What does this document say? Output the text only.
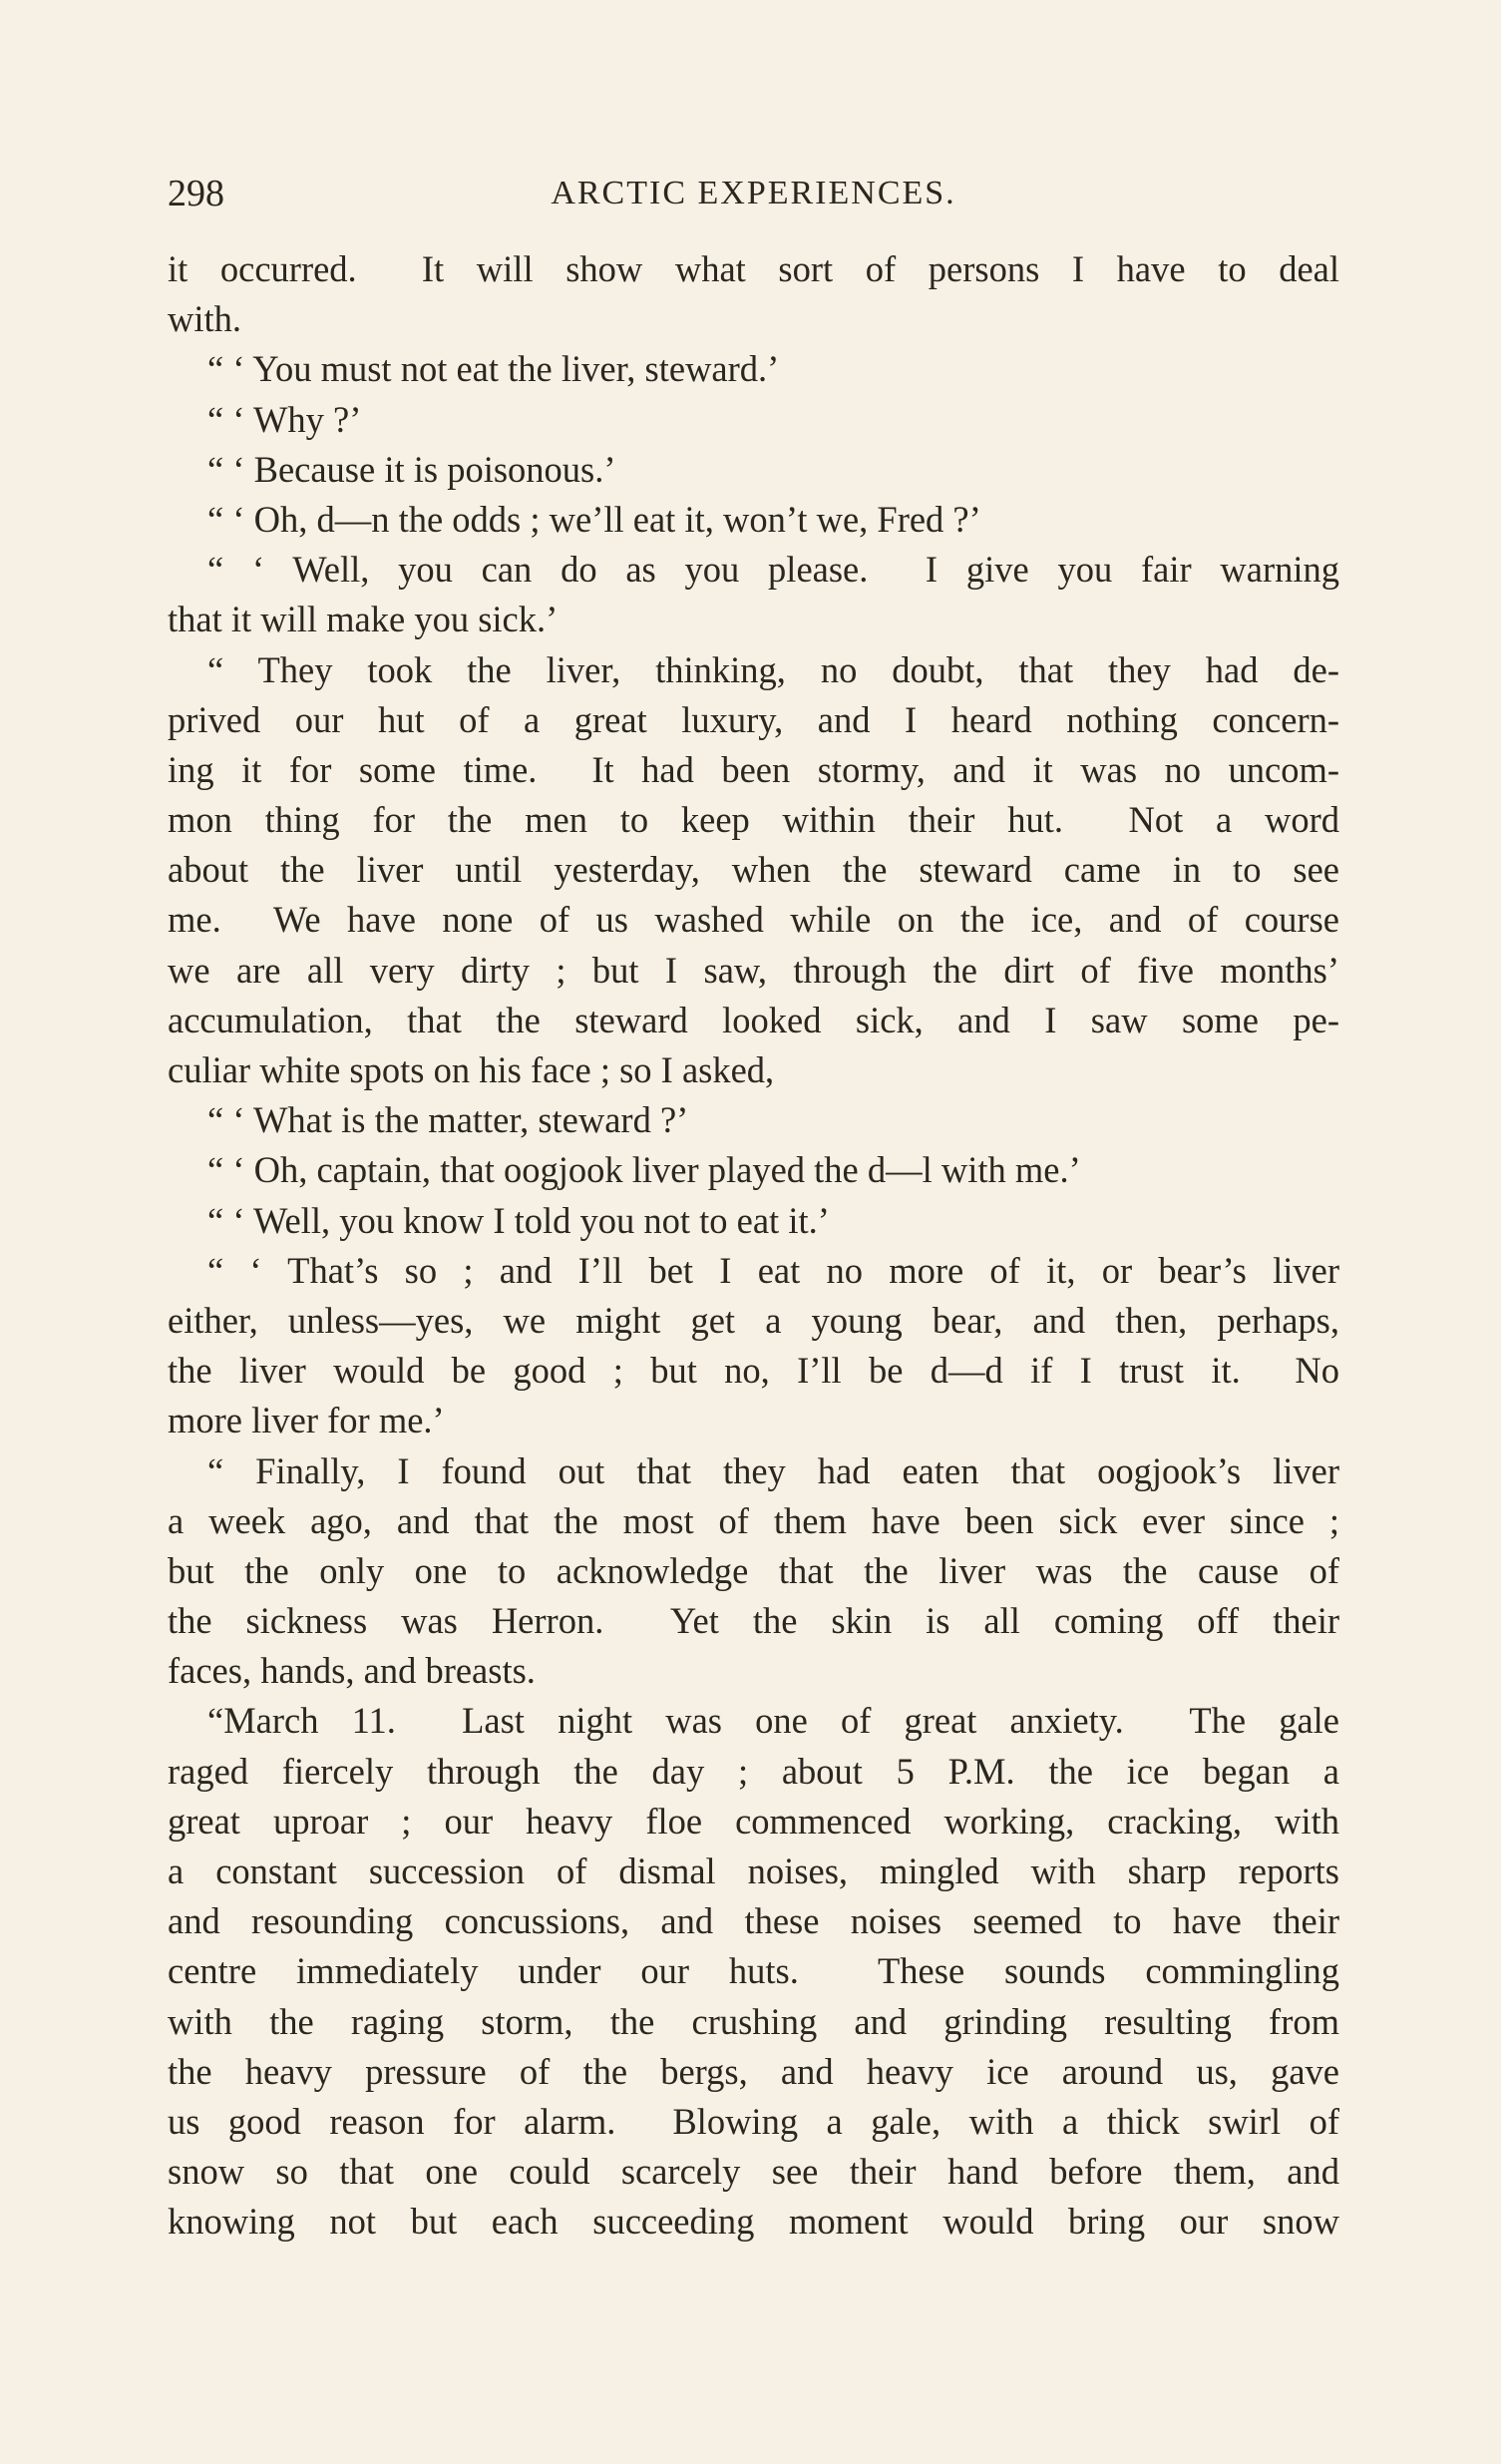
298	ARCTIC EXPERIENCES.
it occurred.  It will show what sort of persons I have to deal
with.
“ ‘ You must not eat the liver, steward.’
“ ‘ Why ?’
“ ‘ Because it is poisonous.’
“ ‘ Oh, d—n the odds ; we’ll eat it, won’t we, Fred ?’
“ ‘ Well, you can do as you please.  I give you fair warning
that it will make you sick.’
“ They took the liver, thinking, no doubt, that they had de-
prived our hut of a great luxury, and I heard nothing concern-
ing it for some time.  It had been stormy, and it was no uncom-
mon thing for the men to keep within their hut.  Not a word
about the liver until yesterday, when the steward came in to see
me.  We have none of us washed while on the ice, and of course
we are all very dirty ; but I saw, through the dirt of five months’
accumulation, that the steward looked sick, and I saw some pe-
culiar white spots on his face ; so I asked,
“ ‘ What is the matter, steward ?’
“ ‘ Oh, captain, that oogjook liver played the d—l with me.’
“ ‘ Well, you know I told you not to eat it.’
“ ‘ That’s so ; and I’ll bet I eat no more of it, or bear’s liver
either, unless—yes, we might get a young bear, and then, perhaps,
the liver would be good ; but no, I’ll be d—d if I trust it.  No
more liver for me.’
“ Finally, I found out that they had eaten that oogjook’s liver
a week ago, and that the most of them have been sick ever since ;
but the only one to acknowledge that the liver was the cause of
the sickness was Herron.  Yet the skin is all coming off their
faces, hands, and breasts.
“March 11.  Last night was one of great anxiety.  The gale
raged fiercely through the day ; about 5 P.M. the ice began a
great uproar ; our heavy floe commenced working, cracking, with
a constant succession of dismal noises, mingled with sharp reports
and resounding concussions, and these noises seemed to have their
centre immediately under our huts.  These sounds commingling
with the raging storm, the crushing and grinding resulting from
the heavy pressure of the bergs, and heavy ice around us, gave
us good reason for alarm.  Blowing a gale, with a thick swirl of
snow so that one could scarcely see their hand before them, and
knowing not but each succeeding moment would bring our snow
